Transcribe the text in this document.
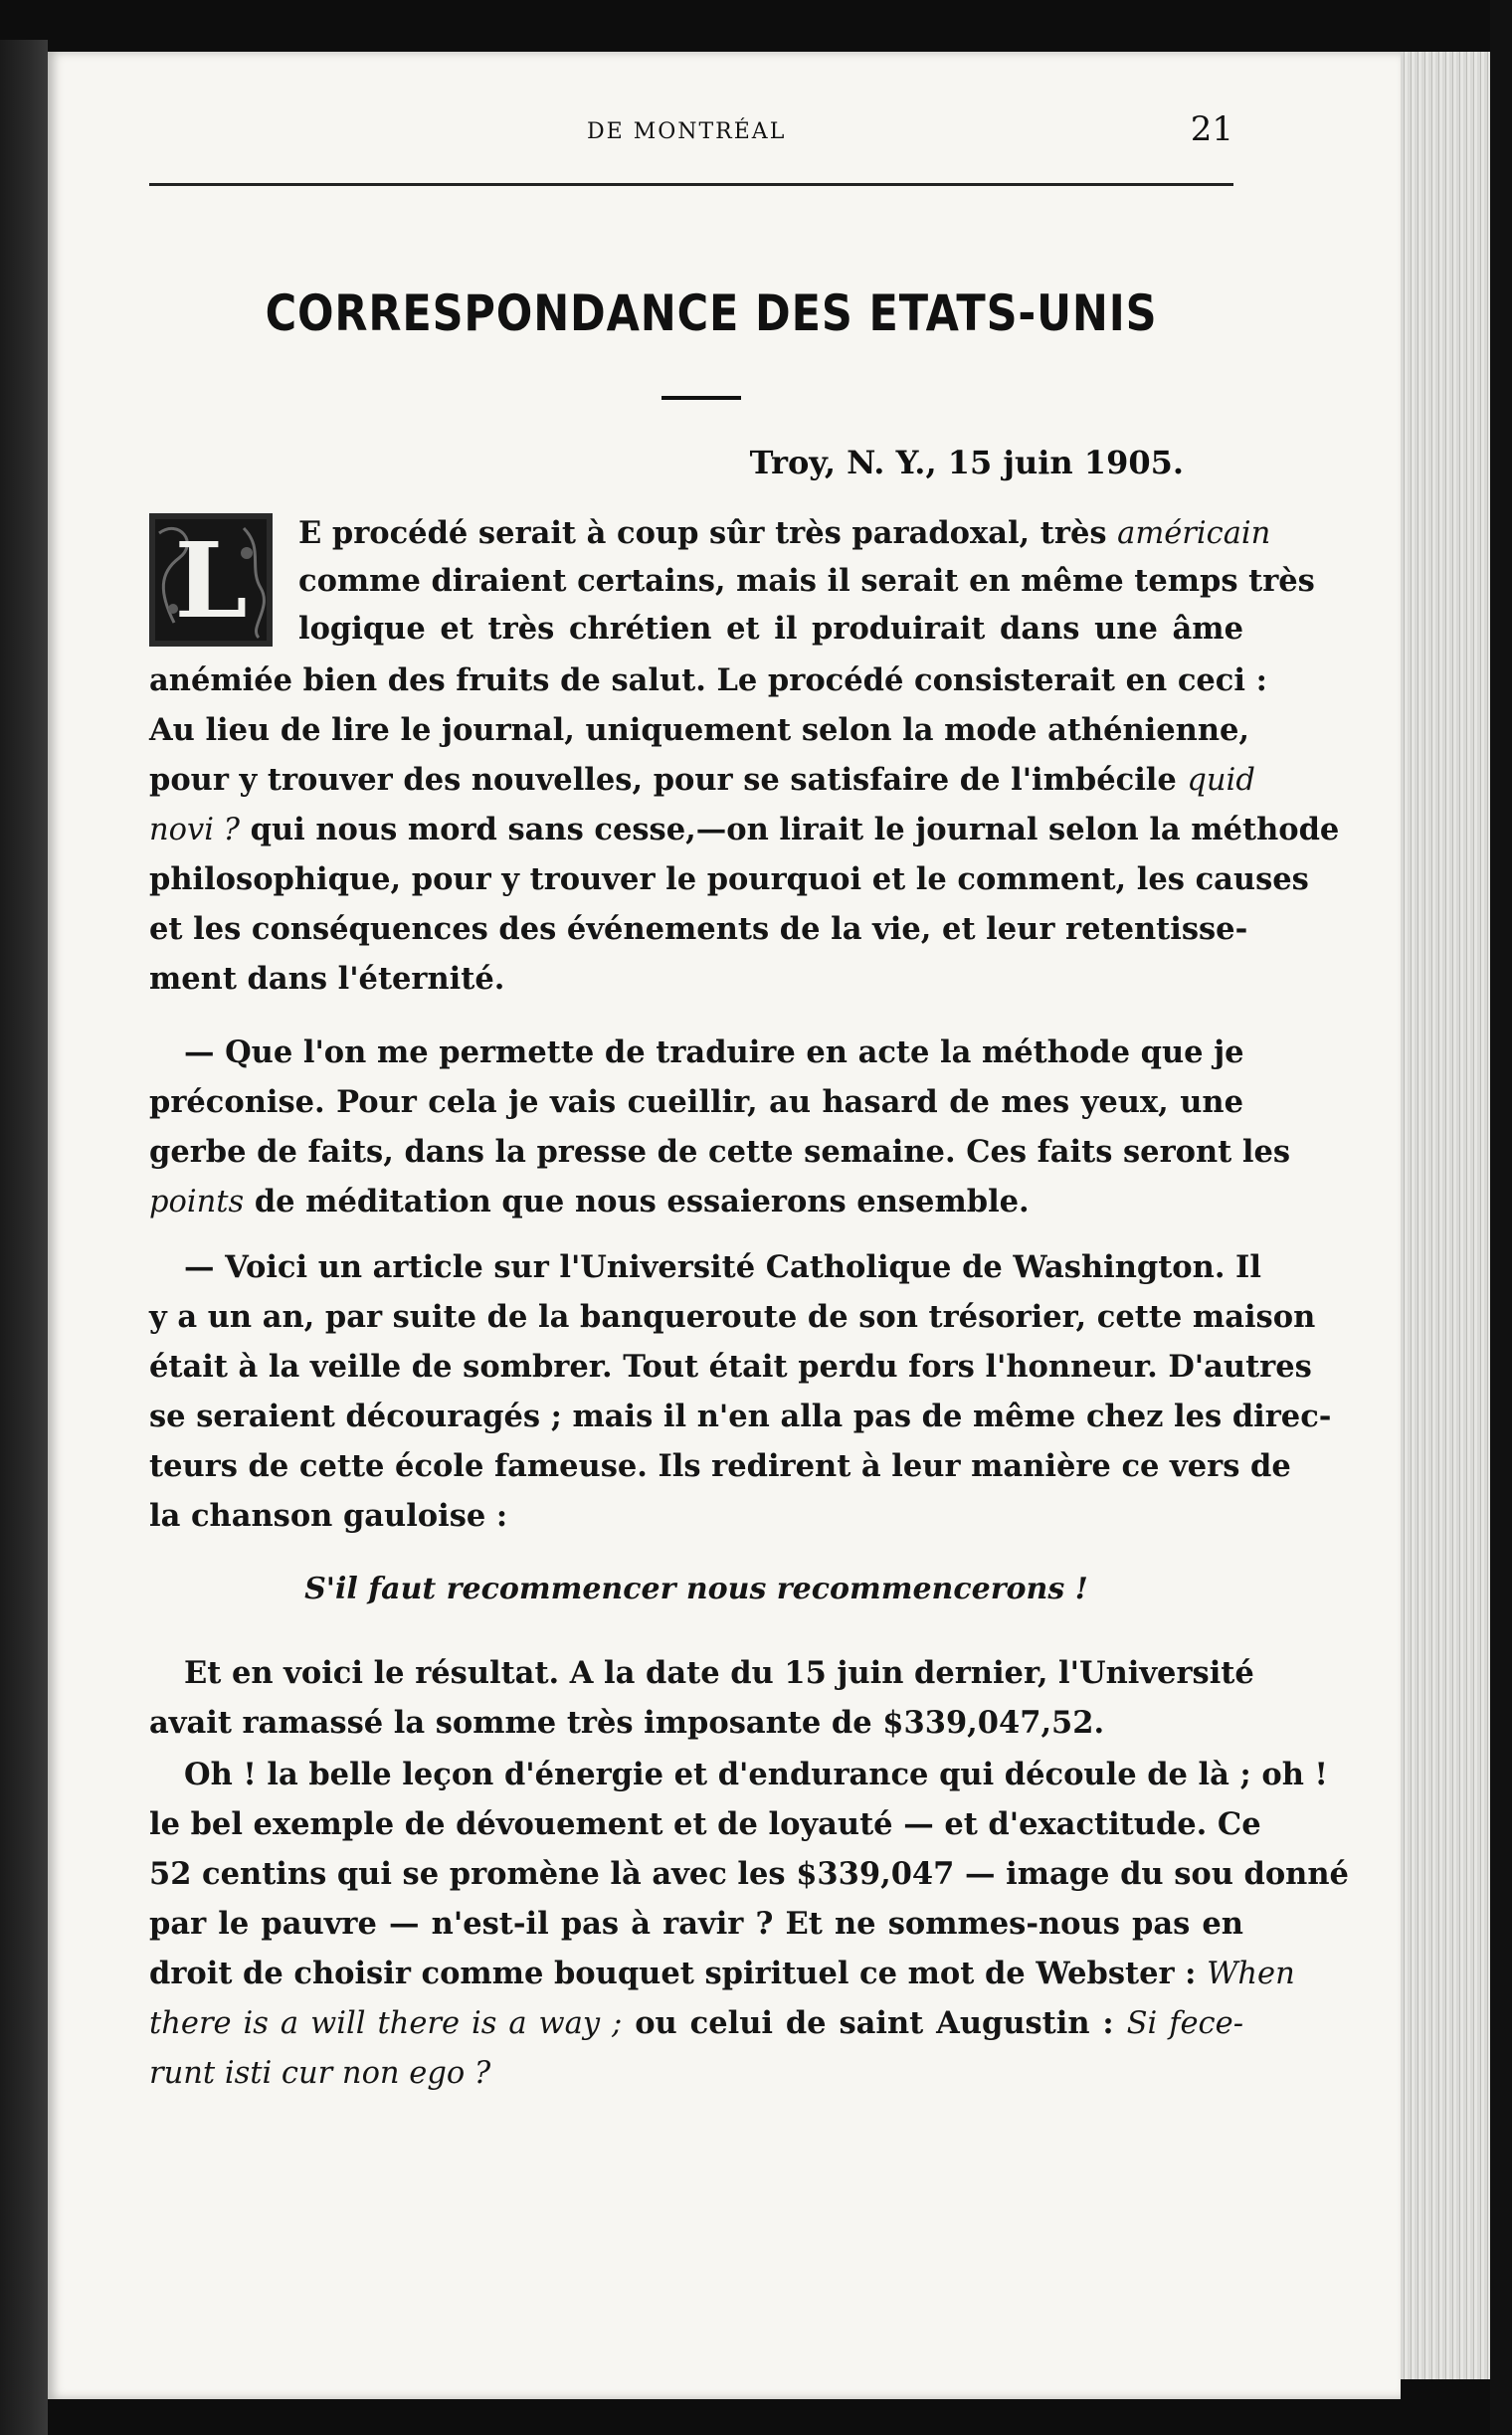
DE MONTRÉAL	21
CORRESPONDANCE DES ETATS-UNIS
Troy, N. Y., 15 juin 1905.
L E procédé serait à coup sûr très paradoxal, très américain
comme diraient certains, mais il serait en même temps très
logique et très chrétien et il produirait dans une âme
anémiée bien des fruits de salut. Le procédé consisterait en ceci :
Au lieu de lire le journal, uniquement selon la mode athénienne,
pour y trouver des nouvelles, pour se satisfaire de l'imbécile quid
novi ? qui nous mord sans cesse,—on lirait le journal selon la méthode
philosophique, pour y trouver le pourquoi et le comment, les causes
et les conséquences des événements de la vie, et leur retentisse-
ment dans l'éternité.
— Que l'on me permette de traduire en acte la méthode que je
préconise. Pour cela je vais cueillir, au hasard de mes yeux, une
gerbe de faits, dans la presse de cette semaine. Ces faits seront les
points de méditation que nous essaierons ensemble.
— Voici un article sur l'Université Catholique de Washington. Il
y a un an, par suite de la banqueroute de son trésorier, cette maison
était à la veille de sombrer. Tout était perdu fors l'honneur. D'autres
se seraient découragés ; mais il n'en alla pas de même chez les direc-
teurs de cette école fameuse. Ils redirent à leur manière ce vers de
la chanson gauloise :
S'il faut recommencer nous recommencerons !
Et en voici le résultat. A la date du 15 juin dernier, l'Université
avait ramassé la somme très imposante de $339,047,52.
Oh ! la belle leçon d'énergie et d'endurance qui découle de là ; oh !
le bel exemple de dévouement et de loyauté — et d'exactitude. Ce
52 centins qui se promène là avec les $339,047 — image du sou donné
par le pauvre — n'est-il pas à ravir ? Et ne sommes-nous pas en
droit de choisir comme bouquet spirituel ce mot de Webster : When
there is a will there is a way ; ou celui de saint Augustin : Si fece-
runt isti cur non ego ?
